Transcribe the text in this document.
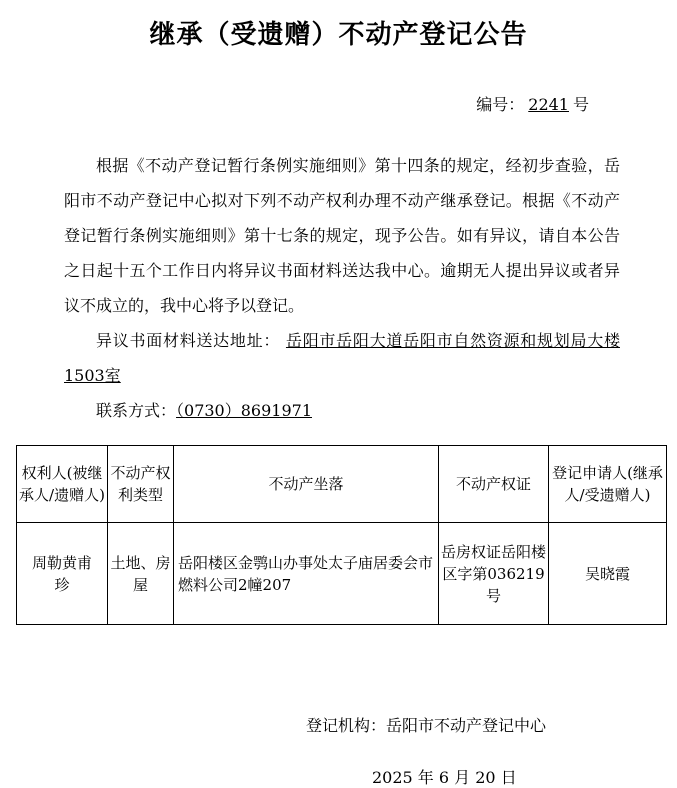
继承（受遗赠）不动产登记公告
编号： 2241 号

根据《不动产登记暂行条例实施细则》第十四条的规定，经初步查验，岳阳市不动产登记中心拟对下列不动产权利办理不动产继承登记。根据《不动产登记暂行条例实施细则》第十七条的规定，现予公告。如有异议，请自本公告之日起十五个工作日内将异议书面材料送达我中心。逾期无人提出异议或者异议不成立的，我中心将予以登记。

异议书面材料送达地址： 岳阳市岳阳大道岳阳市自然资源和规划局大楼1503室

联系方式：（0730）8691971

权利人(被继承人/遗赠人)	不动产权利类型	不动产坐落	不动产权证	登记申请人(继承人/受遗赠人)
周勒黄甫珍	土地、房屋	岳阳楼区金鹗山办事处太子庙居委会市燃料公司2幢207	岳房权证岳阳楼区字第036219号	吴晓霞
登记机构：岳阳市不动产登记中心
2025 年 6 月 20 日
